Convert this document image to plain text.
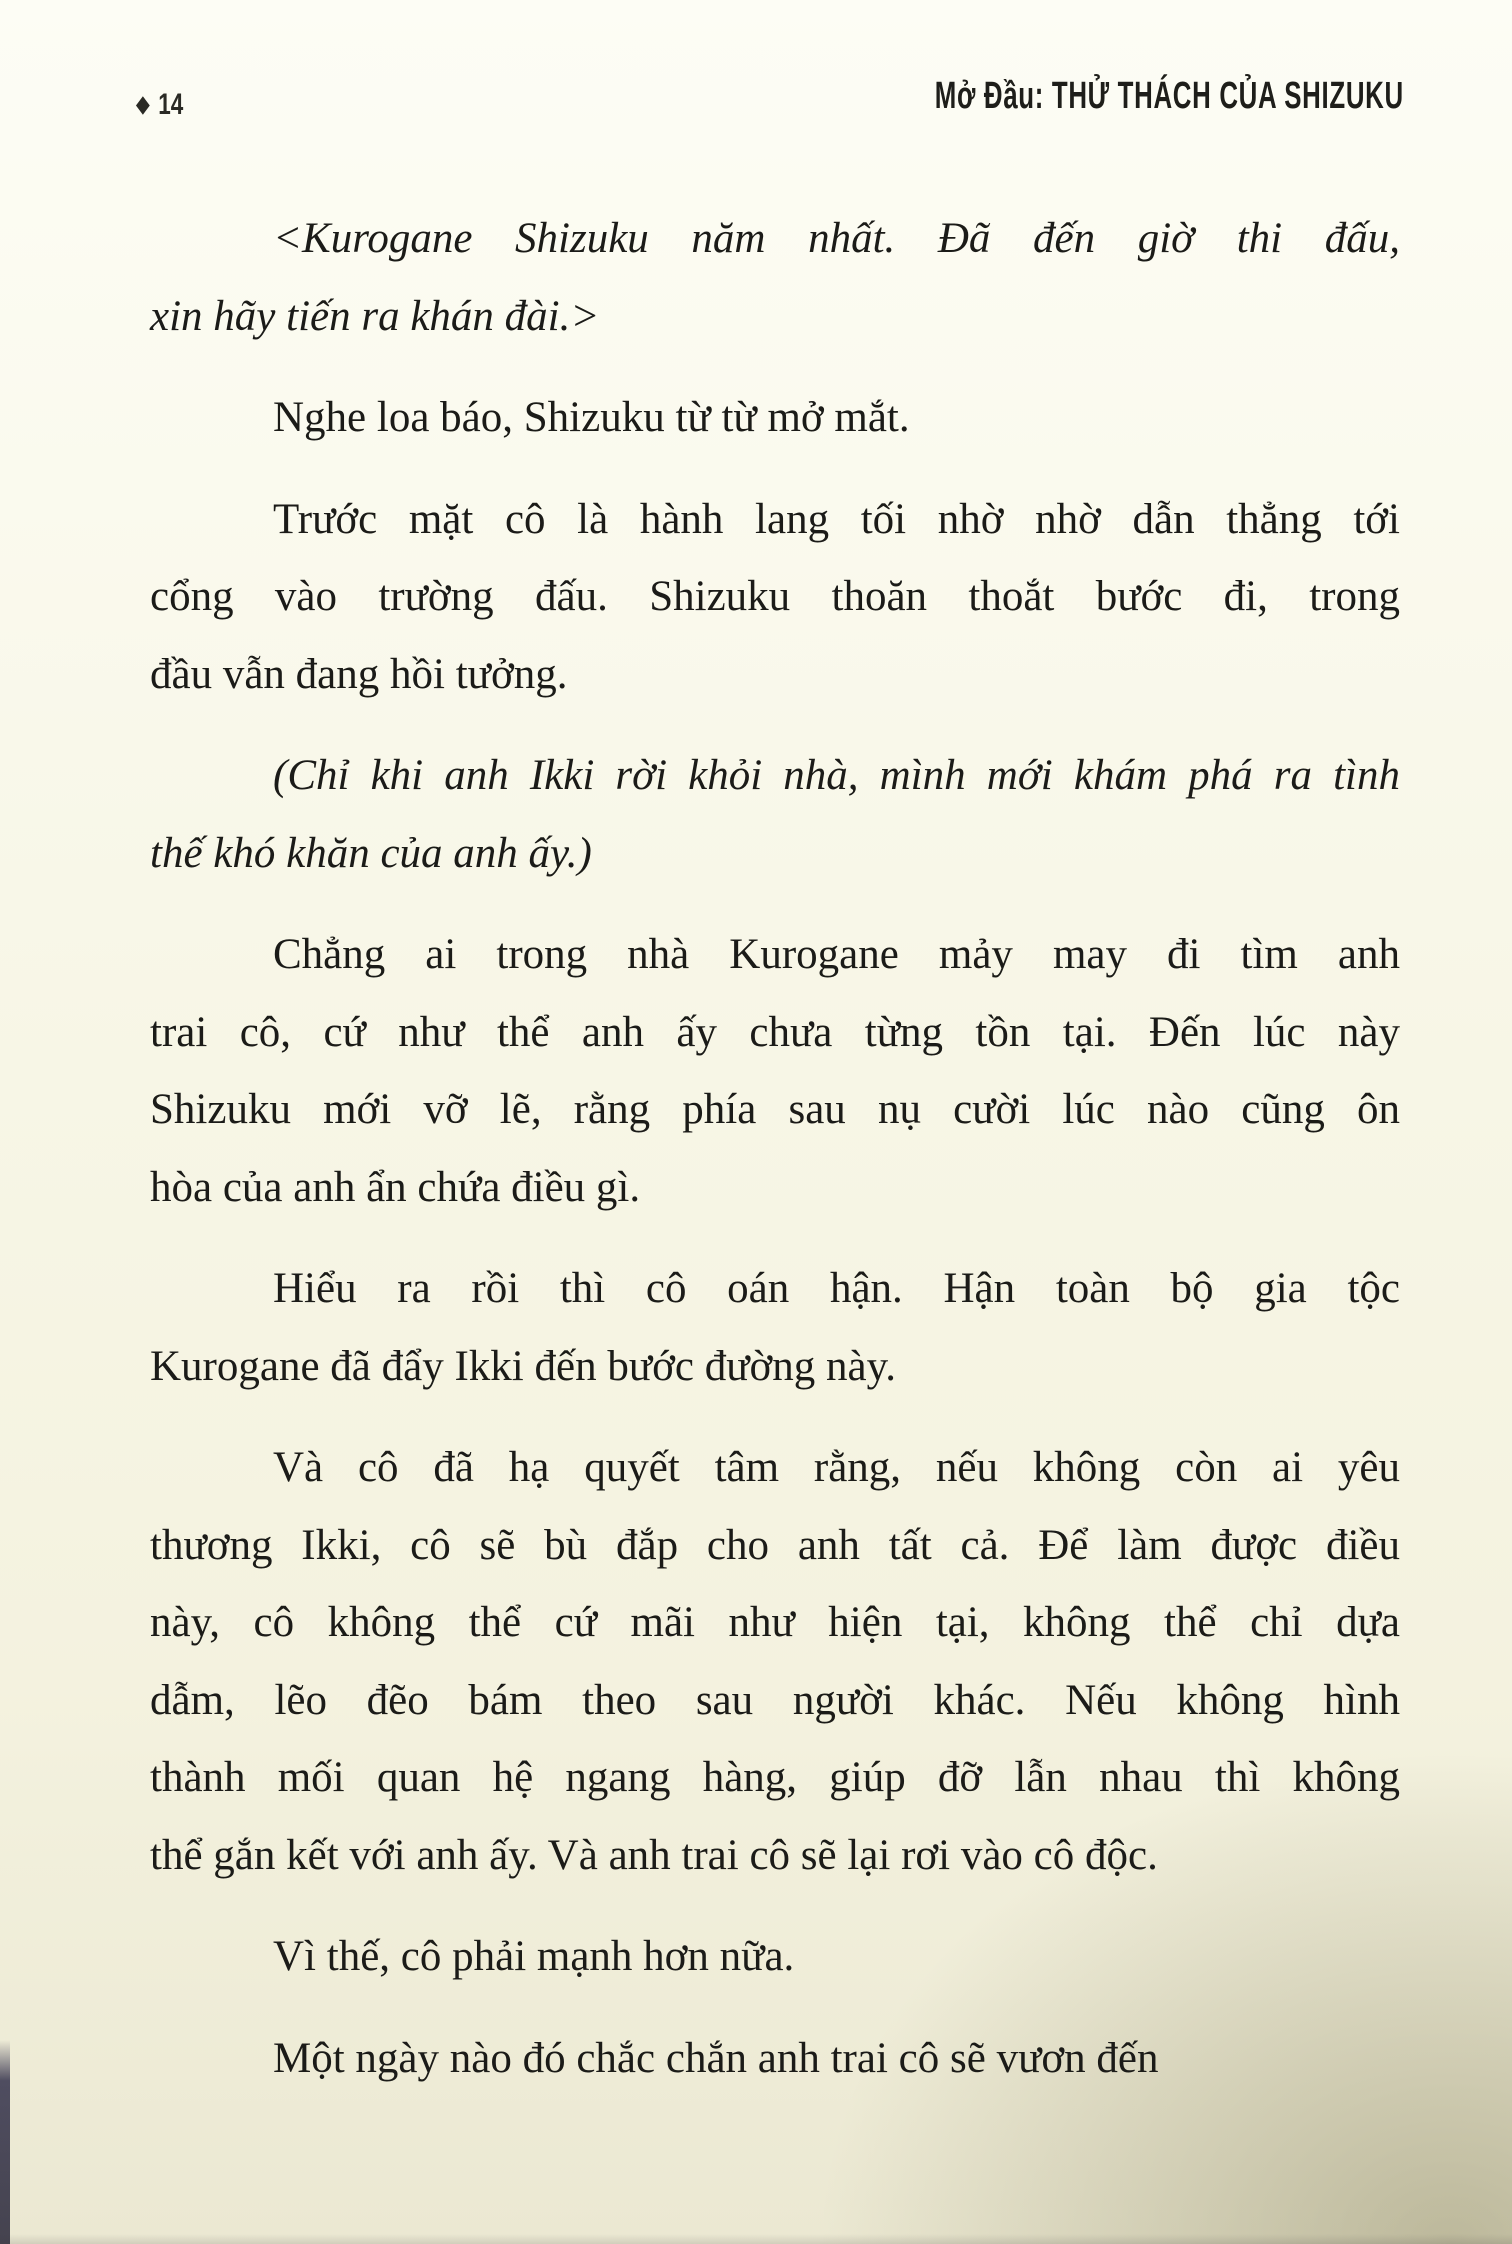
14	Mở Đầu: THỬ THÁCH CỦA SHIZUKU

<Kurogane Shizuku năm nhất. Đã đến giờ thi đấu,
xin hãy tiến ra khán đài.>

Nghe loa báo, Shizuku từ từ mở mắt.

Trước mặt cô là hành lang tối nhờ nhờ dẫn thẳng tới
cổng vào trường đấu. Shizuku thoăn thoắt bước đi, trong
đầu vẫn đang hồi tưởng.

(Chỉ khi anh Ikki rời khỏi nhà, mình mới khám phá ra tình
thế khó khăn của anh ấy.)

Chẳng ai trong nhà Kurogane mảy may đi tìm anh
trai cô, cứ như thể anh ấy chưa từng tồn tại. Đến lúc này
Shizuku mới vỡ lẽ, rằng phía sau nụ cười lúc nào cũng ôn
hòa của anh ẩn chứa điều gì.

Hiểu ra rồi thì cô oán hận. Hận toàn bộ gia tộc
Kurogane đã đẩy Ikki đến bước đường này.

Và cô đã hạ quyết tâm rằng, nếu không còn ai yêu
thương Ikki, cô sẽ bù đắp cho anh tất cả. Để làm được điều
này, cô không thể cứ mãi như hiện tại, không thể chỉ dựa
dẫm, lẽo đẽo bám theo sau người khác. Nếu không hình
thành mối quan hệ ngang hàng, giúp đỡ lẫn nhau thì không
thể gắn kết với anh ấy. Và anh trai cô sẽ lại rơi vào cô độc.

Vì thế, cô phải mạnh hơn nữa.

Một ngày nào đó chắc chắn anh trai cô sẽ vươn đến
